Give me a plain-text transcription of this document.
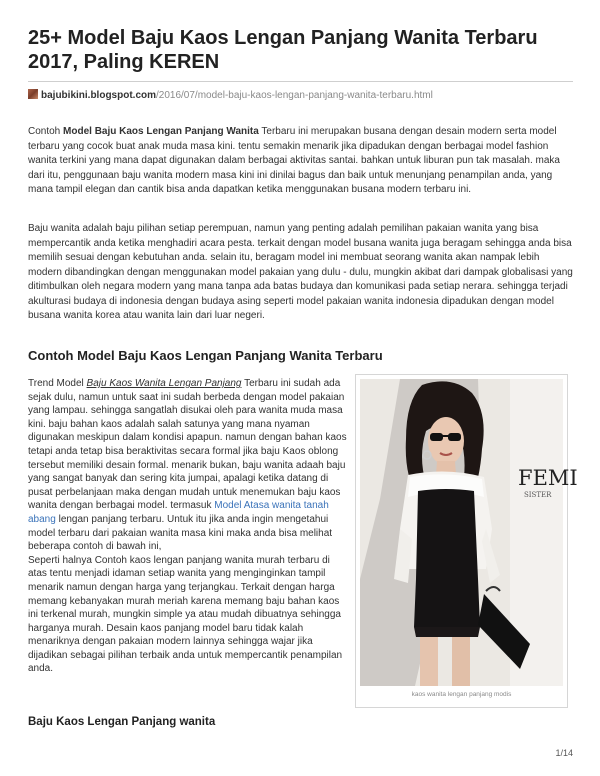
25+ Model Baju Kaos Lengan Panjang Wanita Terbaru 2017, Paling KEREN
bajubikini.blogspot.com/2016/07/model-baju-kaos-lengan-panjang-wanita-terbaru.html

Contoh Model Baju Kaos Lengan Panjang Wanita Terbaru ini merupakan busana dengan desain modern serta model terbaru yang cocok buat anak muda masa kini. tentu semakin menarik jika dipadukan dengan berbagai model fashion wanita terkini yang mana dapat digunakan dalam berbagai aktivitas santai. bahkan untuk liburan pun tak masalah. maka dari itu, penggunaan baju wanita modern masa kini ini dinilai bagus dan baik untuk menunjang penampilan anda, yang mana tampil elegan dan cantik bisa anda dapatkan ketika menggunakan busana modern terbaru ini.

Baju wanita adalah baju pilihan setiap perempuan, namun yang penting adalah pemilihan pakaian wanita yang bisa mempercantik anda ketika menghadiri acara pesta. terkait dengan model busana wanita juga beragam sehingga anda bisa memilih sesuai dengan kebutuhan anda. selain itu, beragam model ini membuat seorang wanita akan nampak lebih modern dibandingkan dengan menggunakan model pakaian yang dulu - dulu, mungkin akibat dari dampak globalisasi yang ditimbulkan oleh negara modern yang mana tanpa ada batas budaya dan komunikasi pada setiap nerara. sehingga terjadi akulturasi budaya di indonesia dengan budaya asing seperti model pakaian wanita indonesia dipadukan dengan model busana wanita korea atau wanita lain dari luar negeri.

Contoh Model Baju Kaos Lengan Panjang Wanita Terbaru

Trend Model Baju Kaos Wanita Lengan Panjang Terbaru ini sudah ada sejak dulu, namun untuk saat ini sudah berbeda dengan model pakaian yang lampau. sehingga sangatlah disukai oleh para wanita muda masa kini. baju bahan kaos adalah salah satunya yang mana nyaman digunakan meskipun dalam kondisi apapun. namun dengan bahan kaos tetapi anda tetap bisa beraktivitas secara formal jika baju Kaos oblong tersebut memiliki desain formal. menarik bukan, baju wanita adaah baju yang sangat banyak dan sering kita jumpai, apalagi ketika datang di pusat perbelanjaan maka dengan mudah untuk menemukan baju kaos wanita dengan berbagai model. termasuk Model Atasa wanita tanah abang lengan panjang terbaru. Untuk itu jika anda ingin mengetahui model terbaru dari pakaian wanita masa kini maka anda bisa melihat beberapa contoh di bawah ini,
Seperti halnya Contoh kaos lengan panjang wanita murah terbaru di atas tentu menjadi idaman setiap wanita yang menginginkan tampil menarik namun dengan harga yang terjangkau. Terkait dengan harga memang kebanyakan murah meriah karena memang baju bahan kaos ini terkenal murah, mungkin simple ya atau mudah dibuatnya sehingga harganya murah. Desain kaos panjang model baru tidak kalah menariknya dengan pakaian modern lainnya sehingga wajar jika dijadikan sebagai pilihan terbaik anda untuk mempercantik penampilan anda.

FEMI
SISTER
kaos wanita lengan panjang modis
Baju Kaos Lengan Panjang wanita
1/14
